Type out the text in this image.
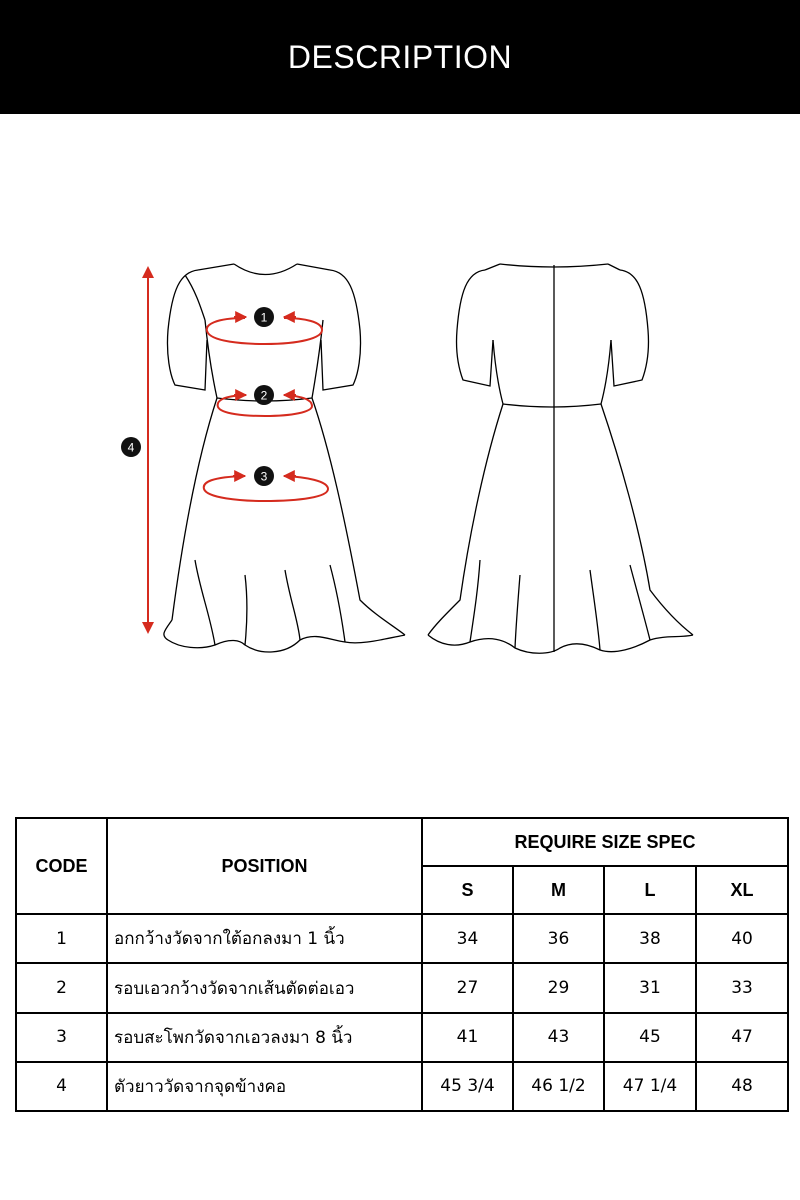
DESCRIPTION
1
2
3
4
CODE	POSITION	REQUIRE SIZE SPEC			
		S	M	L	XL
1	อกกว้างวัดจากใต้อกลงมา 1 นิ้ว	34	36	38	40
2	รอบเอวกว้างวัดจากเส้นตัดต่อเอว	27	29	31	33
3	รอบสะโพกวัดจากเอวลงมา 8 นิ้ว	41	43	45	47
4	ตัวยาววัดจากจุดข้างคอ	45 3/4	46 1/2	47 1/4	48
